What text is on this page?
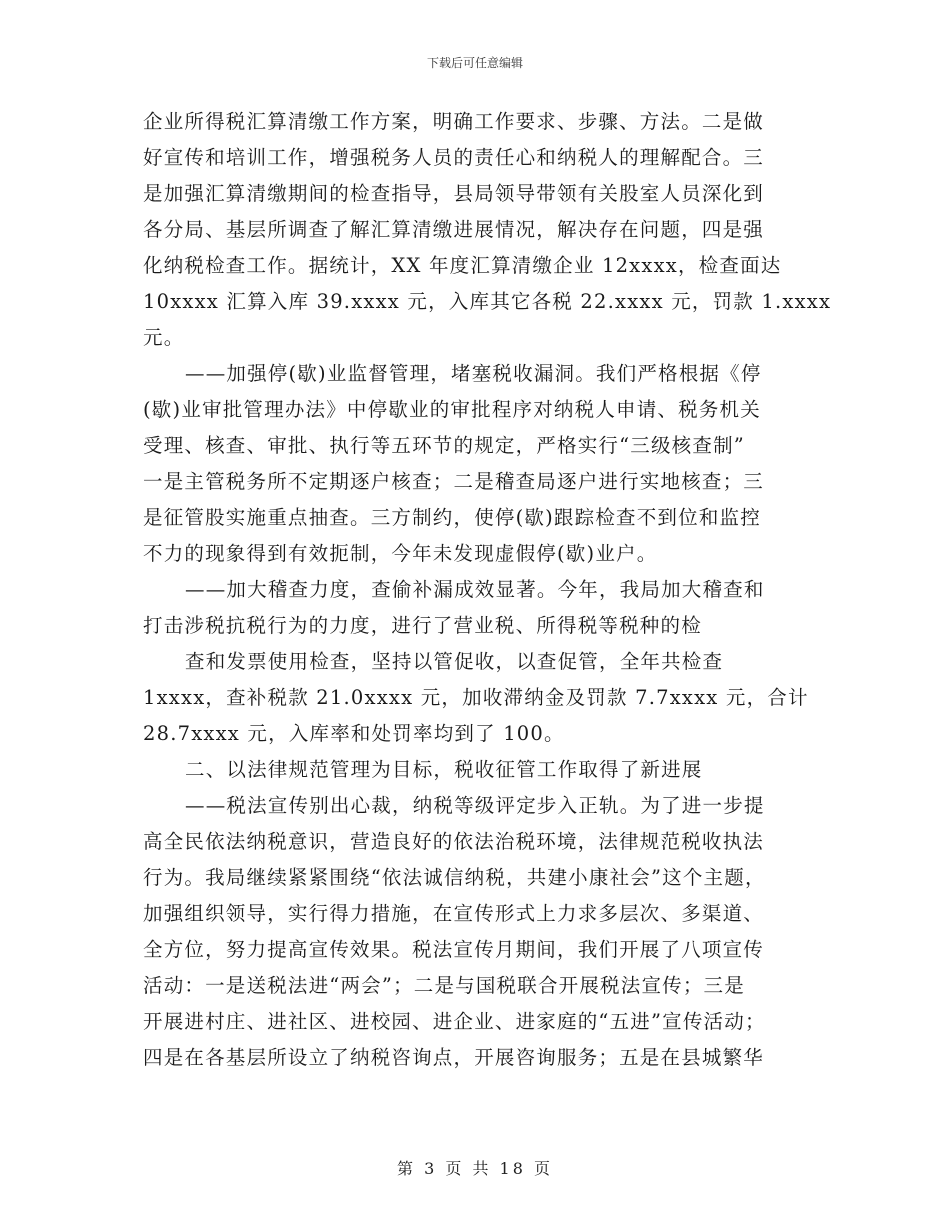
下载后可任意编辑
企业所得税汇算清缴工作方案，明确工作要求、步骤、方法。二是做
好宣传和培训工作，增强税务人员的责任心和纳税人的理解配合。三
是加强汇算清缴期间的检查指导，县局领导带领有关股室人员深化到
各分局、基层所调查了解汇算清缴进展情况，解决存在问题，四是强
化纳税检查工作。据统计，XX 年度汇算清缴企业 12xxxx，检查面达
10xxxx 汇算入库 39.xxxx 元，入库其它各税 22.xxxx 元，罚款 1.xxxx
元。
——加强停(歇)业监督管理，堵塞税收漏洞。我们严格根据《停
(歇)业审批管理办法》中停歇业的审批程序对纳税人申请、税务机关
受理、核查、审批、执行等五环节的规定，严格实行“三级核查制”
一是主管税务所不定期逐户核查；二是稽查局逐户进行实地核查；三
是征管股实施重点抽查。三方制约，使停(歇)跟踪检查不到位和监控
不力的现象得到有效扼制，今年未发现虚假停(歇)业户。
——加大稽查力度，查偷补漏成效显著。今年，我局加大稽查和
打击涉税抗税行为的力度，进行了营业税、所得税等税种的检
查和发票使用检查，坚持以管促收，以查促管，全年共检查
1xxxx，查补税款 21.0xxxx 元，加收滞纳金及罚款 7.7xxxx 元，合计
28.7xxxx 元，入库率和处罚率均到了 100。
二、以法律规范管理为目标，税收征管工作取得了新进展
——税法宣传别出心裁，纳税等级评定步入正轨。为了进一步提
高全民依法纳税意识，营造良好的依法治税环境，法律规范税收执法
行为。我局继续紧紧围绕“依法诚信纳税，共建小康社会”这个主题，
加强组织领导，实行得力措施，在宣传形式上力求多层次、多渠道、
全方位，努力提高宣传效果。税法宣传月期间，我们开展了八项宣传
活动：一是送税法进“两会”；二是与国税联合开展税法宣传；三是
开展进村庄、进社区、进校园、进企业、进家庭的“五进”宣传活动；
四是在各基层所设立了纳税咨询点，开展咨询服务；五是在县城繁华
第 3 页 共 18 页
